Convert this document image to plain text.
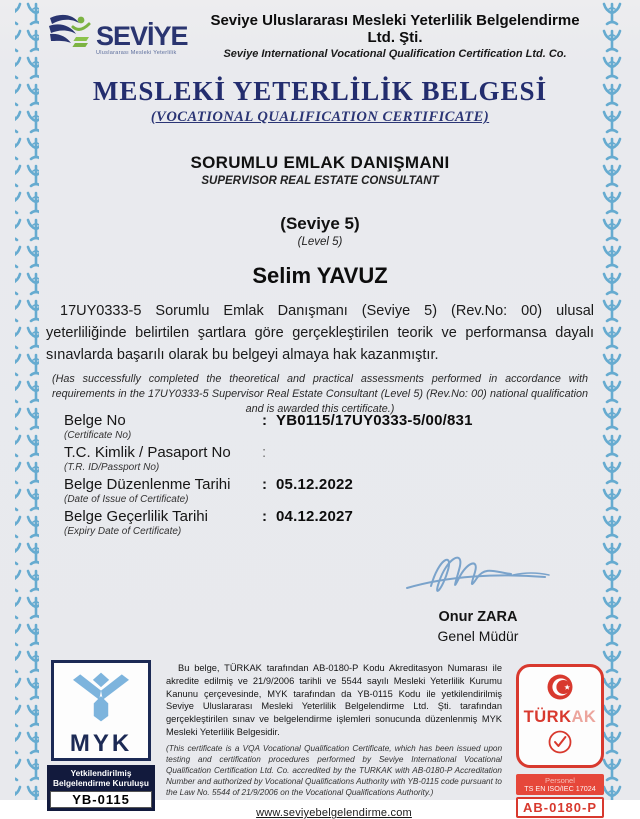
SEVİYE
Uluslararası Mesleki Yeterlilik
Seviye Uluslararası Mesleki Yeterlilik Belgelendirme Ltd. Şti.
Seviye International Vocational Qualification Certification Ltd. Co.
MESLEKİ YETERLİLİK BELGESİ
(VOCATIONAL QUALIFICATION CERTIFICATE)
SORUMLU EMLAK DANIŞMANI
SUPERVISOR REAL ESTATE CONSULTANT
(Seviye 5)
(Level 5)
Selim YAVUZ
17UY0333-5 Sorumlu Emlak Danışmanı (Seviye 5) (Rev.No: 00) ulusal yeterliliğinde belirtilen şartlara göre gerçekleştirilen teorik ve performansa dayalı sınavlarda başarılı olarak bu belgeyi almaya hak kazanmıştır.
(Has successfully completed the theoretical and practical assessments performed in accordance with requirements in the 17UY0333-5 Supervisor Real Estate Consultant (Level 5) (Rev.No: 00) national qualification and is awarded this certificate.)
Belge No
(Certificate No)
: YB0115/17UY0333-5/00/831
T.C. Kimlik / Pasaport No
(T.R. ID/Passport No)
:
Belge Düzenlenme Tarihi
(Date of Issue of Certificate)
: 05.12.2022
Belge Geçerlilik Tarihi
(Expiry Date of Certificate)
: 04.12.2027
Onur ZARA
Genel Müdür
MYK
Yetkilendirilmiş
Belgelendirme Kuruluşu
YB-0115
Bu belge, TÜRKAK tarafından AB-0180-P Kodu Akreditasyon Numarası ile akredite edilmiş ve 21/9/2006 tarihli ve 5544 sayılı Mesleki Yeterlilik Kurumu Kanunu çerçevesinde, MYK tarafından da YB-0115 Kodu ile yetkilendirilmiş Seviye Uluslararası Mesleki Yeterlilik Belgelendirme Ltd. Şti. tarafından gerçekleştirilen sınav ve belgelendirme işlemleri sonucunda düzenlenmiş MYK Mesleki Yeterlilik Belgesidir.
(This certificate is a VQA Vocational Qualification Certificate, which has been issued upon testing and certification procedures performed by Seviye International Vocational Qualification Certification Ltd. Co. accredited by the TURKAK with AB-0180-P Accreditation Number and authorized by Vocational Qualifications Authority with YB-0115 code pursuant to the Law No. 5544 of 21/9/2006 on the Vocational Qualifications Authority.)
www.seviyebelgelendirme.com
TÜRKAK
Personel
TS EN ISO/IEC 17024
AB-0180-P
